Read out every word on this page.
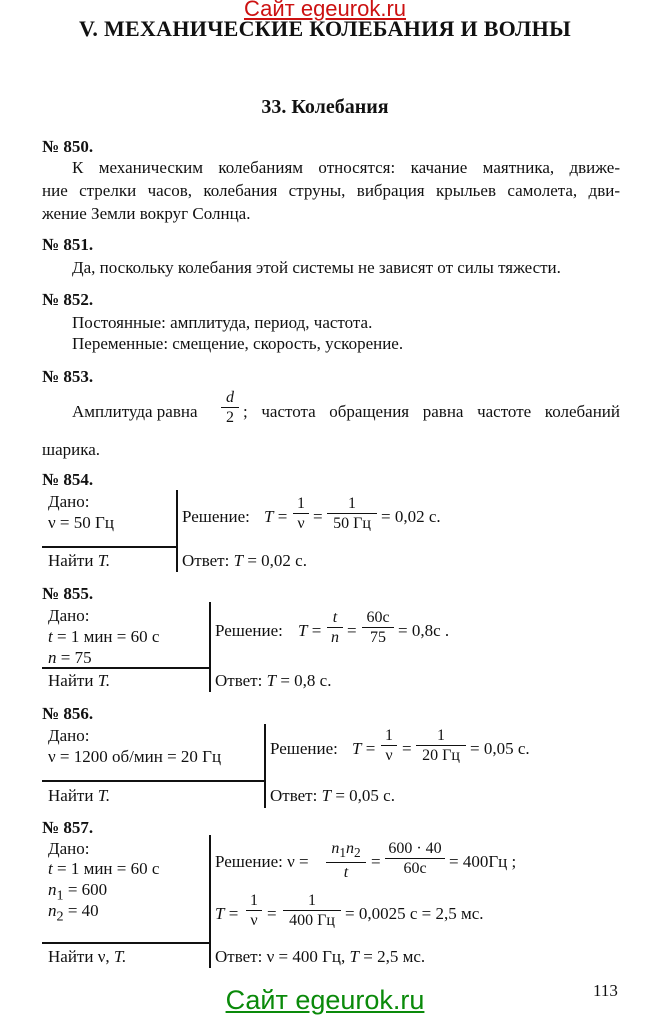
Сайт egeurok.ru
V. МЕХАНИЧЕСКИЕ КОЛЕБАНИЯ И ВОЛНЫ
33. Колебания
№ 850.
К механическим колебаниям относятся: качание маятника, движе-
ние стрелки часов, колебания струны, вибрация крыльев самолета, дви-
жение Земли вокруг Солнца.
№ 851.
Да, поскольку колебания этой системы не зависят от силы тяжести.
№ 852.
Постоянные: амплитуда, период, частота.
Переменные: смещение, скорость, ускорение.
№ 853.
Амплитуда равна
d
2 ; частота обращения равна частоте колебаний
шарика.
№ 854.
Дано:
ν = 50 Гц
Найти T.
Решение: T =
1
ν =
1
50 Гц = 0,02 с.
Ответ: T = 0,02 с.
№ 855.
Дано:
t = 1 мин = 60 с
n = 75
Найти T.
Решение: T =
t
n =
60с
75 = 0,8с .
Ответ: T = 0,8 с.
№ 856.
Дано:
ν = 1200 об/мин = 20 Гц
Найти T.
Решение: T =
1
ν =
1
20 Гц = 0,05 с.
Ответ: T = 0,05 с.
№ 857.
Дано:
t = 1 мин = 60 с
$n_1 = 600$
$n_2 = 40$
Найти ν, T.
Решение: ν =
$n_1n_2$
t
=
600 · 40
60с	= 400Гц ;
T =
1
ν =
1
400 Гц = 0,0025 с = 2,5 мс.
Ответ: ν = 400 Гц, T = 2,5 мс.
113
Сайт egeurok.ru
